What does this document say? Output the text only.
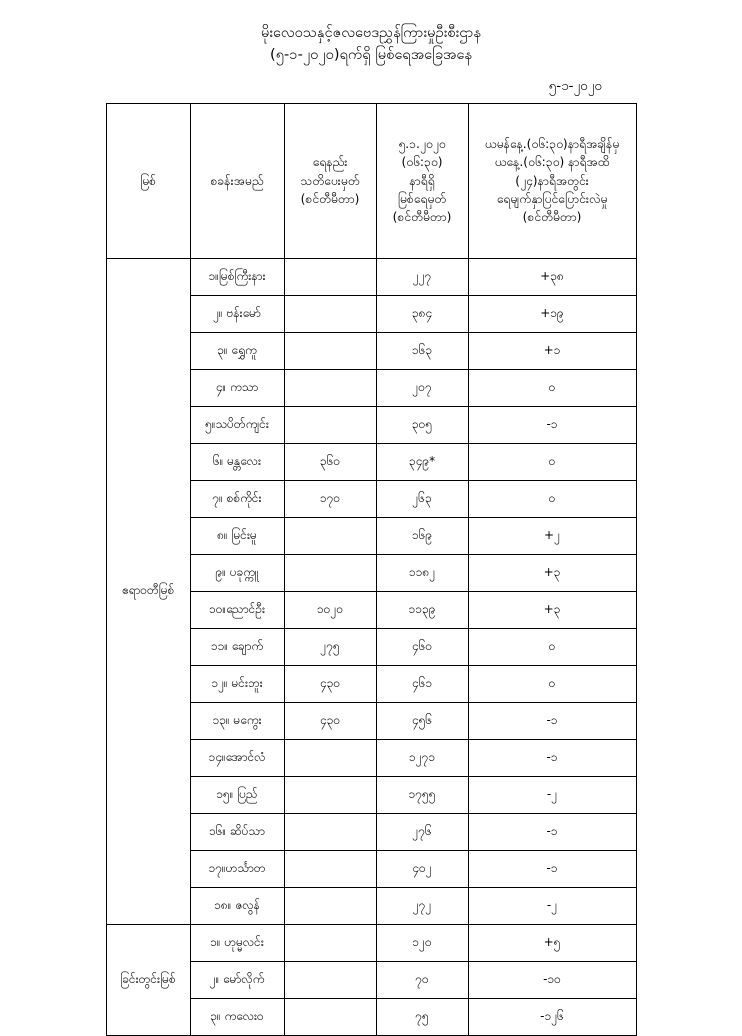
မိုးလေဝသနှင့်ဇလဗေဒညွှန်ကြားမှုဦးစီးဌာန
(၅-၁-၂၀၂၀)ရက်ရှိ မြစ်ရေအခြေအနေ
၅-၁-၂၀၂၀
မြစ်	စခန်းအမည်	ရေနည်း
သတိပေးမှတ်
(စင်တီမီတာ)	၅.၁.၂၀၂၀
(၀၆:၃၀)
နာရီရှိ
မြစ်ရေမှတ်
(စင်တီမီတာ)	ယမန်နေ့.(၀၆:၃၀)နာရီအချိန်မှ
ယနေ့.(၀၆:၃၀) နာရီအထိ
(၂၄)နာရီအတွင်း
ရေမျက်နှာပြင်ပြောင်းလဲမှု
(စင်တီမီတာ)

ဧရာဝတီမြစ်	၁။မြစ်ကြီးနား		၂၂၇	+၃၈
	၂။ ဗန်းမော်		၃၈၄	+၁၉
	၃။ ရွှေကူ		၁၆၃	+၁
	၄။ ကသာ		၂၀၇	၀
	၅။သပိတ်ကျင်း		၃၀၅	-၁
	၆။ မန္တလေး	၃၆၀	၃၄၉*	၀
	၇။ စစ်ကိုင်း	၁၇၀	၂၆၃	၀
	၈။ မြင်းမူ		၁၆၉	+၂
	၉။ ပခုက္ကူ		၁၁၈၂	+၃
	၁၀။ညောင်ဦး	၁၀၂၀	၁၁၃၉	+၃
	၁၁။ ချောက်	၂၇၅	၄၆၀	၀
	၁၂။ မင်းဘူး	၄၃၀	၄၆၁	၀
	၁၃။ မကွေး	၄၃၀	၄၅၆	-၁
	၁၄။အောင်လံ		၁၂၇၁	-၁
	၁၅။ ပြည်		၁၇၅၅	-၂
	၁၆။ ဆိပ်သာ		၂၇၆	-၁
	၁၇။ဟင်္သာတ		၄၀၂	-၁
	၁၈။ ဇလွန်		၂၇၂	-၂
ခြင်းတွင်းမြစ်	၁။ ဟုမ္မလင်း		၁၂၀	+၅
	၂။ မော်လိုက်		၇၀	-၁၀
	၃။ ကလေးဝ		၇၅	-၁၂၆
